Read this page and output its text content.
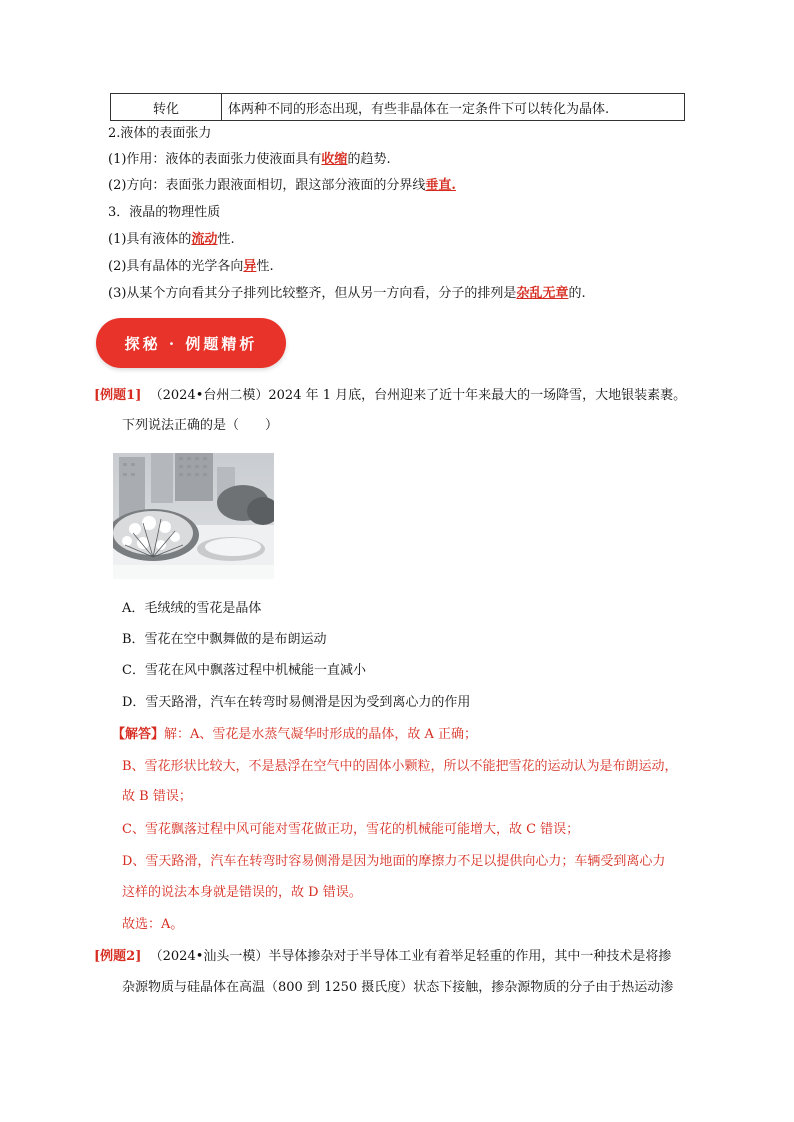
转化	体两种不同的形态出现，有些非晶体在一定条件下可以转化为晶体.
2.液体的表面张力
(1)作用：液体的表面张力使液面具有收缩的趋势.
(2)方向：表面张力跟液面相切，跟这部分液面的分界线垂直.
3．液晶的物理性质
(1)具有液体的流动性.
(2)具有晶体的光学各向异性.
(3)从某个方向看其分子排列比较整齐，但从另一方向看，分子的排列是杂乱无章的.
探秘 · 例题精析
[例题1] （2024•台州二模）2024 年 1 月底，台州迎来了近十年来最大的一场降雪，大地银装素裹。
下列说法正确的是（　　）
A．毛绒绒的雪花是晶体
B．雪花在空中飘舞做的是布朗运动
C．雪花在风中飘落过程中机械能一直减小
D．雪天路滑，汽车在转弯时易侧滑是因为受到离心力的作用
【解答】解：A、雪花是水蒸气凝华时形成的晶体，故 A 正确；
B、雪花形状比较大，不是悬浮在空气中的固体小颗粒，所以不能把雪花的运动认为是布朗运动，
故 B 错误；
C、雪花飘落过程中风可能对雪花做正功，雪花的机械能可能增大，故 C 错误；
D、雪天路滑，汽车在转弯时容易侧滑是因为地面的摩擦力不足以提供向心力；车辆受到离心力
这样的说法本身就是错误的，故 D 错误。
故选：A。
[例题2] （2024•汕头一模）半导体掺杂对于半导体工业有着举足轻重的作用，其中一种技术是将掺
杂源物质与硅晶体在高温（800 到 1250 摄氏度）状态下接触，掺杂源物质的分子由于热运动渗
